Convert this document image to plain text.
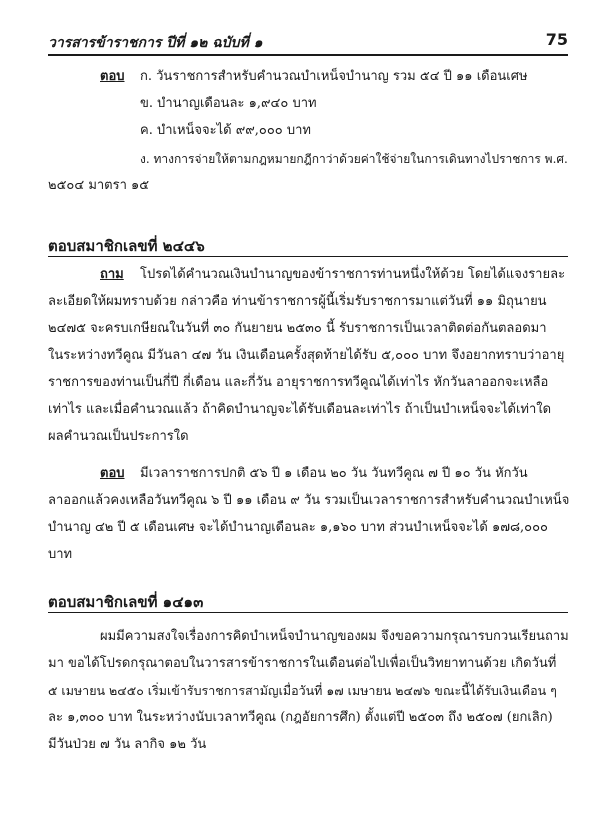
วารสารข้าราชการ ปีที่ ๑๒ ฉบับที่ ๑	75
ตอบ ก. วันราชการสำหรับคำนวณบำเหน็จบำนาญ รวม ๕๔ ปี ๑๑ เดือนเศษ
ข. บำนาญเดือนละ ๑,๙๔๐ บาท
ค. บำเหน็จจะได้ ๙๙,๐๐๐ บาท
ง. ทางการจ่ายให้ตามกฎหมายกฎีกาว่าด้วยค่าใช้จ่ายในการเดินทางไปราชการ พ.ศ.
๒๕๐๔ มาตรา ๑๕
ตอบสมาชิกเลขที่ ๒๔๔๖
ถาม โปรดได้คำนวณเงินบำนาญของข้าราชการท่านหนึ่งให้ด้วย โดยได้แจงรายละ
ละเอียดให้ผมทราบด้วย กล่าวคือ ท่านข้าราชการผู้นี้เริ่มรับราชการมาแต่วันที่ ๑๑ มิถุนายน
๒๔๗๕ จะครบเกษียณในวันที่ ๓๐ กันยายน ๒๕๓๐ นี้ รับราชการเป็นเวลาติดต่อกันตลอดมา
ในระหว่างทวีคูณ มีวันลา ๔๗ วัน เงินเดือนครั้งสุดท้ายได้รับ ๕,๐๐๐ บาท จึงอยากทราบว่าอายุ
ราชการของท่านเป็นกี่ปี กี่เดือน และกี่วัน อายุราชการทวีคูณได้เท่าไร หักวันลาออกจะเหลือ
เท่าไร และเมื่อคำนวณแล้ว ถ้าคิดบำนาญจะได้รับเดือนละเท่าไร ถ้าเป็นบำเหน็จจะได้เท่าใด
ผลคำนวณเป็นประการใด
ตอบ มีเวลาราชการปกติ ๕๖ ปี ๑ เดือน ๒๐ วัน วันทวีคูณ ๗ ปี ๑๐ วัน หักวัน
ลาออกแล้วคงเหลือวันทวีคูณ ๖ ปี ๑๑ เดือน ๙ วัน รวมเป็นเวลาราชการสำหรับคำนวณบำเหน็จ
บำนาญ ๔๒ ปี ๕ เดือนเศษ จะได้บำนาญเดือนละ ๑,๑๖๐ บาท ส่วนบำเหน็จจะได้ ๑๗๘,๐๐๐
บาท
ตอบสมาชิกเลขที่ ๑๔๑๓
ผมมีความสงใจเรื่องการคิดบำเหน็จบำนาญของผม จึงขอความกรุณารบกวนเรียนถาม
มา ขอได้โปรดกรุณาตอบในวารสารข้าราชการในเดือนต่อไปเพื่อเป็นวิทยาทานด้วย เกิดวันที่
๕ เมษายน ๒๔๕๐ เริ่มเข้ารับราชการสามัญเมื่อวันที่ ๑๗ เมษายน ๒๔๗๖ ขณะนี้ได้รับเงินเดือน ๆ
ละ ๑,๓๐๐ บาท ในระหว่างนับเวลาทวีคูณ (กฎอัยการศึก) ตั้งแต่ปี ๒๕๐๓ ถึง ๒๕๐๗ (ยกเลิก)
มีวันป่วย ๗ วัน ลากิจ ๑๒ วัน
